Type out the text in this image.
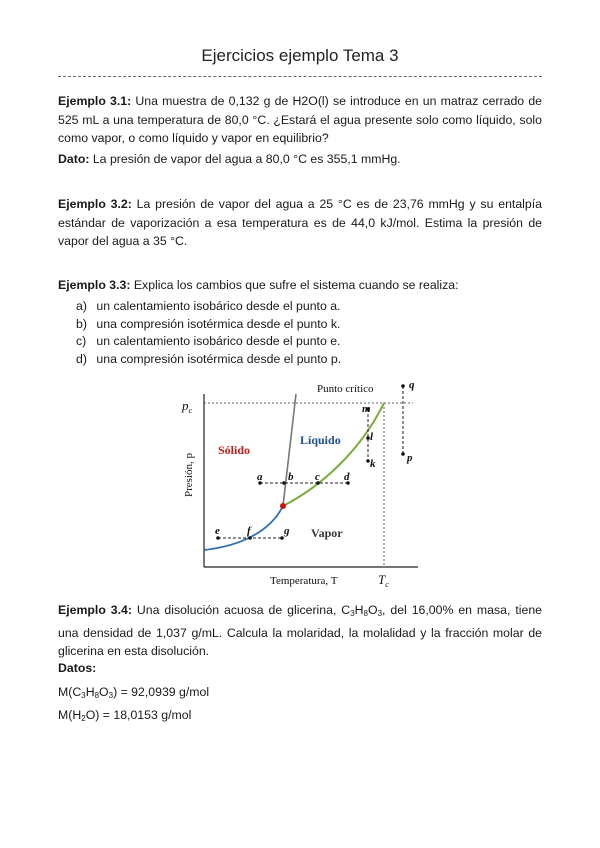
Ejercicios ejemplo Tema 3
Ejemplo 3.1: Una muestra de 0,132 g de H2O(l) se introduce en un matraz cerrado de 525 mL a una temperatura de 80,0 °C. ¿Estará el agua presente solo como líquido, solo como vapor, o como líquido y vapor en equilibrio?
Dato: La presión de vapor del agua a 80,0 °C es 355,1 mmHg.
Ejemplo 3.2: La presión de vapor del agua a 25 °C es de 23,76 mmHg y su entalpía estándar de vaporización a esa temperatura es de 44,0 kJ/mol. Estima la presión de vapor del agua a 35 °C.
Ejemplo 3.3: Explica los cambios que sufre el sistema cuando se realiza:
a) un calentamiento isobárico desde el punto a.
b) una compresión isotérmica desde el punto k.
c) un calentamiento isobárico desde el punto e.
d) una compresión isotérmica desde el punto p.
a b c d
e f	g
k
l
m
p
q
Sólido
Líquido
Vapor
Punto crítico
$p_c$
$T_c$
Temperatura, T
Presión, p
Ejemplo 3.4: Una disolución acuosa de glicerina, $C_3H_8O_3$, del 16,00% en masa, tiene una densidad de 1,037 g/mL. Calcula la molaridad, la molalidad y la fracción molar de glicerina en esta disolución.
Datos:
$M(C_3H_8O_3) = 92,0939$ g/mol
$M(H_2O) = 18,0153$ g/mol
